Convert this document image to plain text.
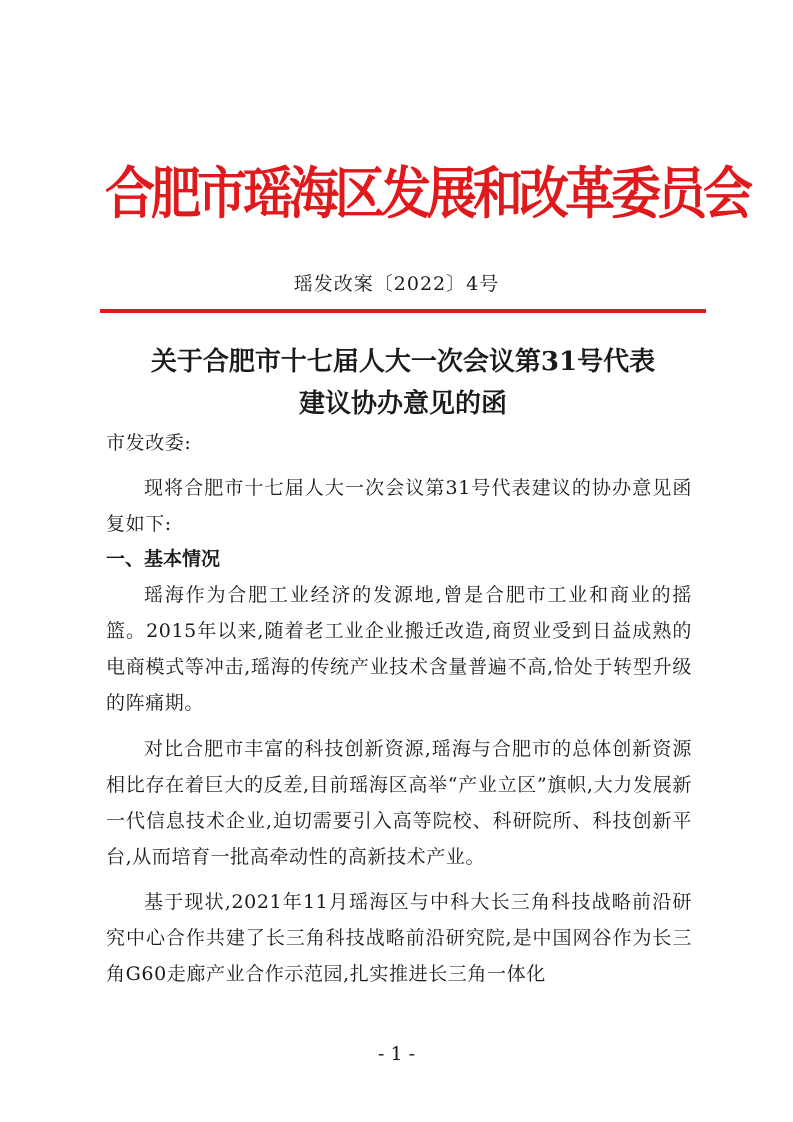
合肥市瑶海区发展和改革委员会
瑶发改案〔2022〕4号
关于合肥市十七届人大一次会议第31号代表
建议协办意见的函
市发改委:
现将合肥市十七届人大一次会议第31号代表建议的协办意见函复如下:
一、基本情况
瑶海作为合肥工业经济的发源地,曾是合肥市工业和商业的摇篮。2015年以来,随着老工业企业搬迁改造,商贸业受到日益成熟的电商模式等冲击,瑶海的传统产业技术含量普遍不高,恰处于转型升级的阵痛期。
对比合肥市丰富的科技创新资源,瑶海与合肥市的总体创新资源相比存在着巨大的反差,目前瑶海区高举“产业立区”旗帜,大力发展新一代信息技术企业,迫切需要引入高等院校、科研院所、科技创新平台,从而培育一批高牵动性的高新技术产业。
基于现状,2021年11月瑶海区与中科大长三角科技战略前沿研究中心合作共建了长三角科技战略前沿研究院,是中国网谷作为长三角G60走廊产业合作示范园,扎实推进长三角一体化
- 1 -
